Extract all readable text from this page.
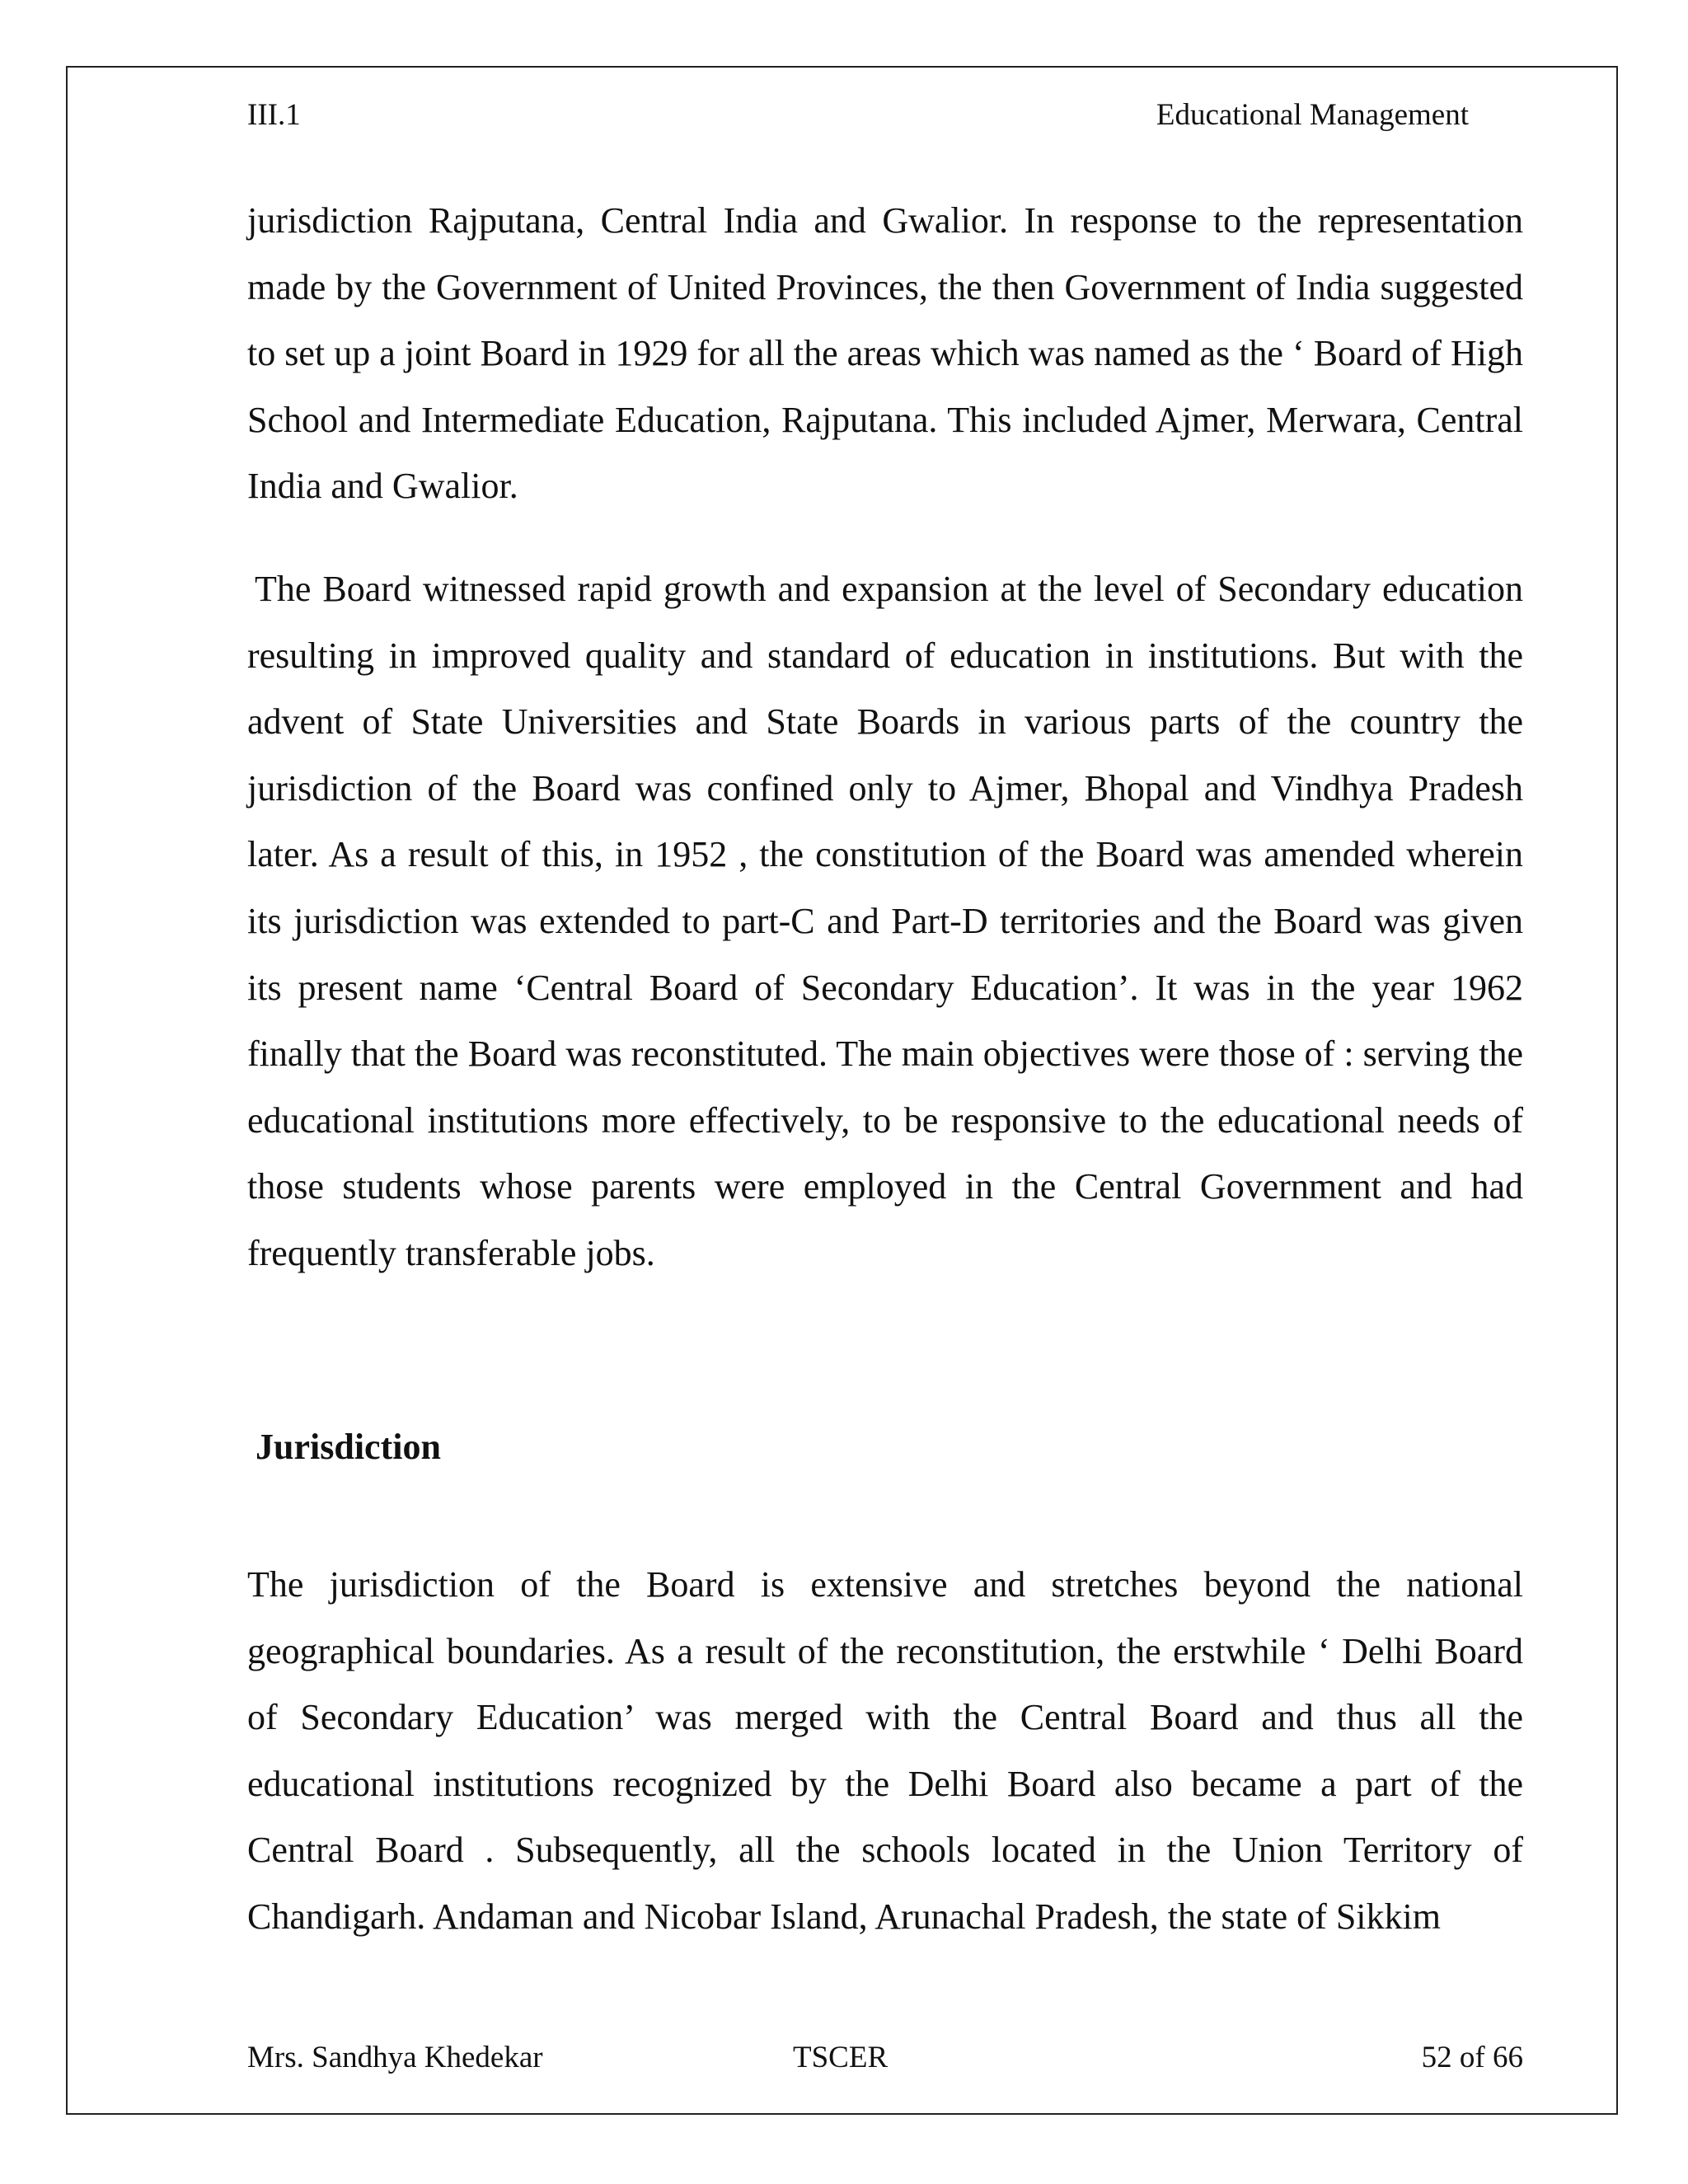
III.1	Educational Management

jurisdiction Rajputana, Central India and Gwalior. In response to the representation made by the Government of United Provinces, the then Government of India suggested to set up a joint Board in 1929 for all the areas which was named as the ‘ Board of High School and Intermediate Education, Rajputana. This included Ajmer, Merwara, Central India and Gwalior.

The Board witnessed rapid growth and expansion at the level of Secondary education resulting in improved quality and standard of education in institutions. But with the advent of State Universities and State Boards in various parts of the country the jurisdiction of the Board was confined only to Ajmer, Bhopal and Vindhya Pradesh later. As a result of this, in 1952 , the constitution of the Board was amended wherein its jurisdiction was extended to part-C and Part-D territories and the Board was given its present name ‘Central Board of Secondary Education’. It was in the year 1962 finally that the Board was reconstituted. The main objectives were those of : serving the educational institutions more effectively, to be responsive to the educational needs of those students whose parents were employed in the Central Government and had frequently transferable jobs.

Jurisdiction

The jurisdiction of the Board is extensive and stretches beyond the national geographical boundaries. As a result of the reconstitution, the erstwhile ‘ Delhi Board of Secondary Education’ was merged with the Central Board and thus all the educational institutions recognized by the Delhi Board also became a part of the Central Board . Subsequently, all the schools located in the Union Territory of Chandigarh. Andaman and Nicobar Island, Arunachal Pradesh, the state of Sikkim

Mrs. Sandhya Khedekar	TSCER	52 of 66
